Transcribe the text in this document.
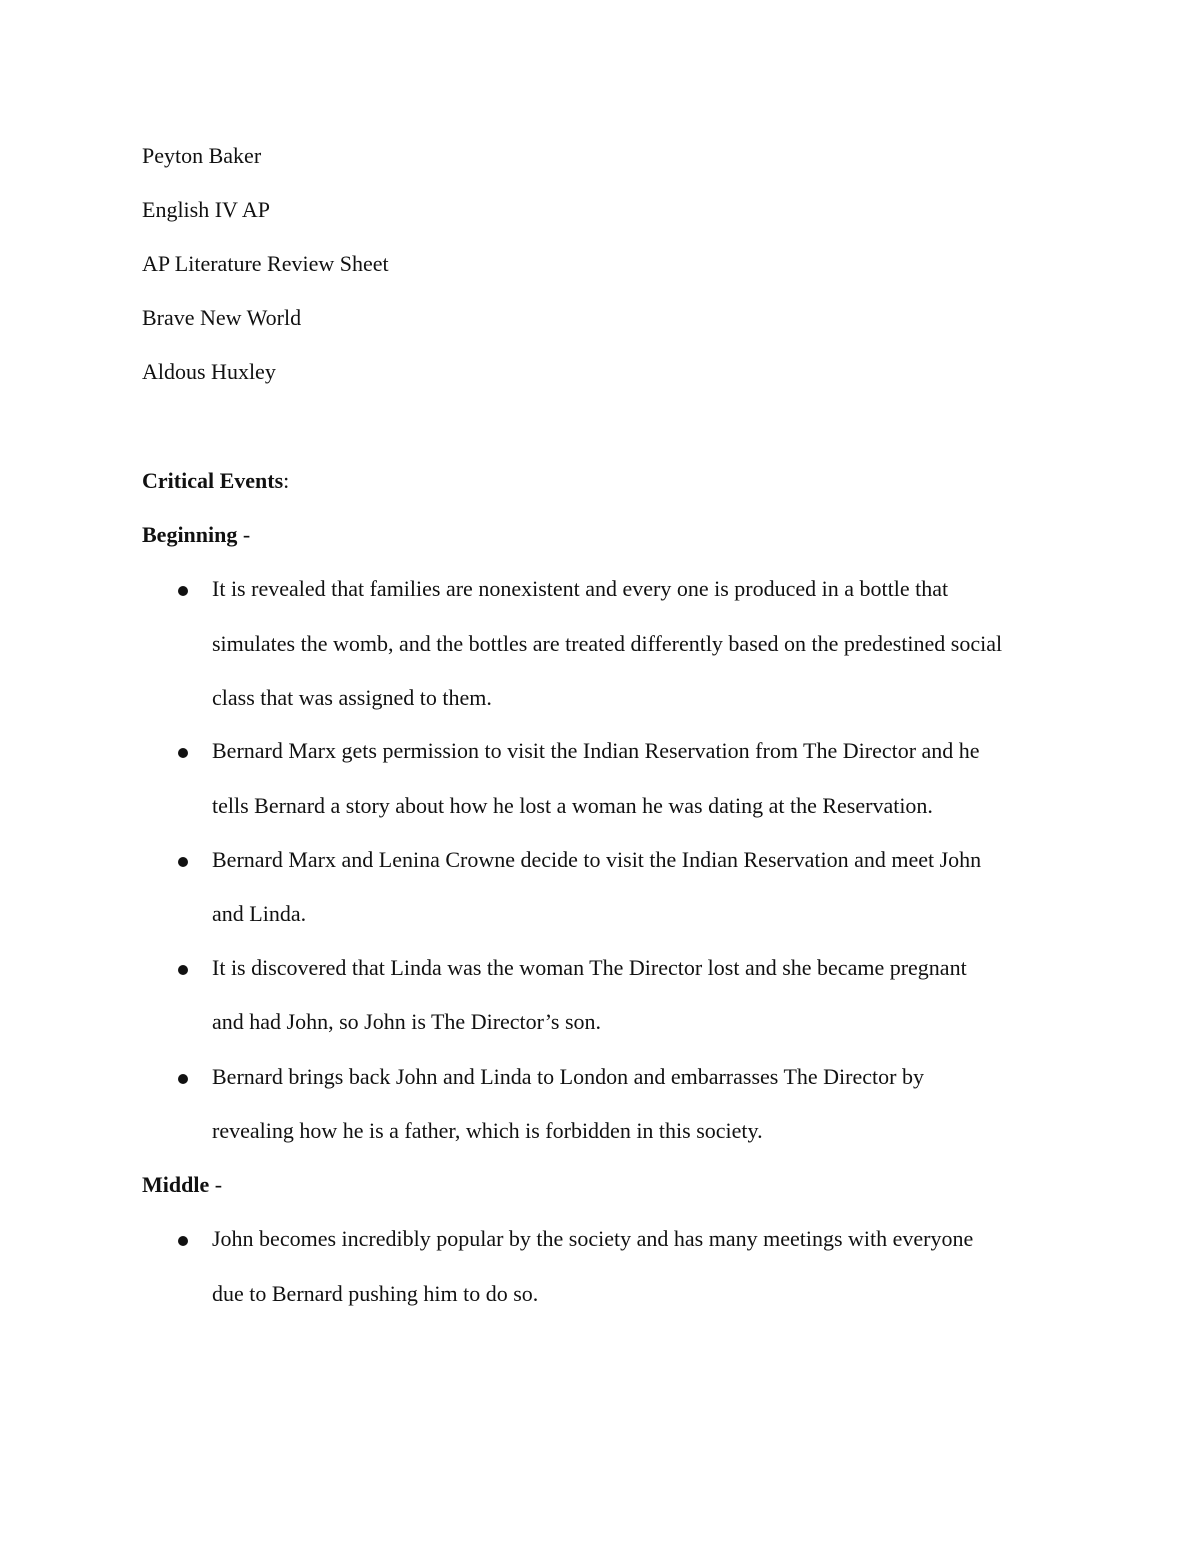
Peyton Baker
English IV AP
AP Literature Review Sheet
Brave New World
Aldous Huxley
Critical Events:
Beginning -
It is revealed that families are nonexistent and every one is produced in a bottle that
simulates the womb, and the bottles are treated differently based on the predestined social
class that was assigned to them.
Bernard Marx gets permission to visit the Indian Reservation from The Director and he
tells Bernard a story about how he lost a woman he was dating at the Reservation.
Bernard Marx and Lenina Crowne decide to visit the Indian Reservation and meet John
and Linda.
It is discovered that Linda was the woman The Director lost and she became pregnant
and had John, so John is The Director’s son.
Bernard brings back John and Linda to London and embarrasses The Director by
revealing how he is a father, which is forbidden in this society.
Middle -
John becomes incredibly popular by the society and has many meetings with everyone
due to Bernard pushing him to do so.
